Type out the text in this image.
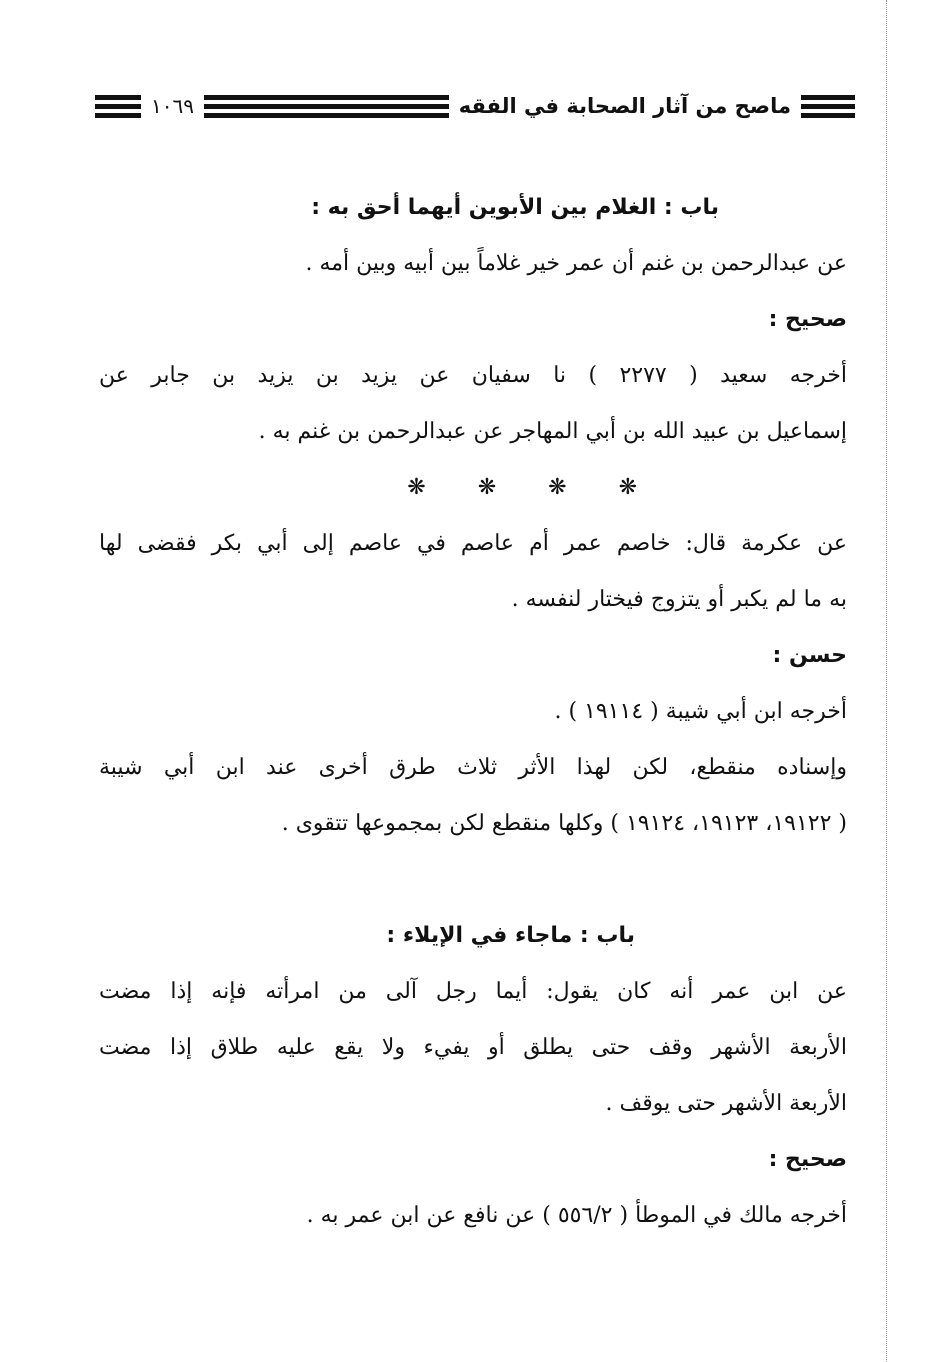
ماصح من آثار الصحابة في الفقه
١٠٦٩
باب : الغلام بين الأبوين أيهما أحق به :
عن عبدالرحمن بن غنم أن عمر خير غلاماً بين أبيه وبين أمه .
صحيح :
أخرجه سعيد ( ٢٢٧٧ ) نا سفيان عن يزيد بن يزيد بن جابر عن
إسماعيل بن عبيد الله بن أبي المهاجر عن عبدالرحمن بن غنم به .
❋
❋
❋
❋
عن عكرمة قال: خاصم عمر أم عاصم في عاصم إلى أبي بكر فقضى لها
به ما لم يكبر أو يتزوج فيختار لنفسه .
حسن :
أخرجه ابن أبي شيبة ( ١٩١١٤ ) .
وإسناده منقطع، لكن لهذا الأثر ثلاث طرق أخرى عند ابن أبي شيبة
( ١٩١٢٢، ١٩١٢٣، ١٩١٢٤ ) وكلها منقطع لكن بمجموعها تتقوى .
باب : ماجاء في الإيلاء :
عن ابن عمر أنه كان يقول: أيما رجل آلى من امرأته فإنه إذا مضت
الأربعة الأشهر وقف حتى يطلق أو يفيء ولا يقع عليه طلاق إذا مضت
الأربعة الأشهر حتى يوقف .
صحيح :
أخرجه مالك في الموطأ ( ٥٥٦/٢ ) عن نافع عن ابن عمر به .
